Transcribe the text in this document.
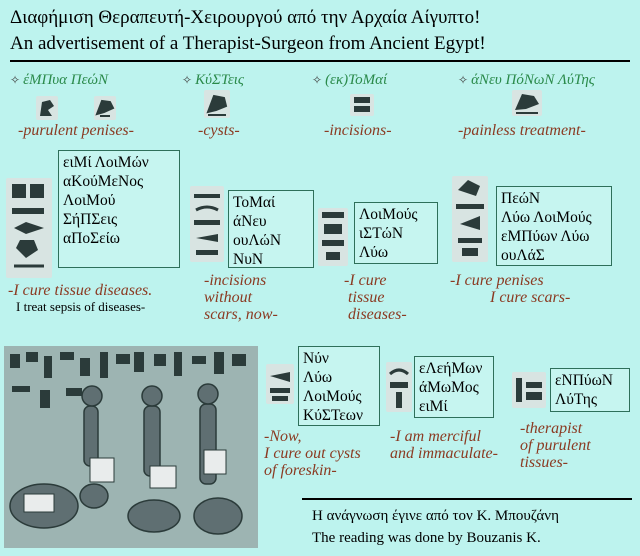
Διαφήμιση Θεραπευτή-Χειρουργού από την Αρχαία Αίγυπτο!
An advertisement of a Therapist-Surgeon from Ancient Egypt!
✧ έΜΠυα ΠεώΝ	✧ ΚύΣΤεις	✧ (εκ)ΤοΜαί	✧ άΝευ ΠόΝωΝ ΛύΤης
-purulent penises-	-cysts-	-incisions-	-painless treatment-
ειΜί ΛοιΜών
αΚούΜεΝος
ΛοιΜού
ΣήΠΣεις
αΠοΣείω
ΤοΜαί
άΝευ
ουΛώΝ
ΝυΝ
ΛοιΜούς
ιΣΤώΝ
Λύω
ΠεώΝ
Λύω ΛοιΜούς
εΜΠύων Λύω
ουΛάΣ
-I cure tissue diseases.
I treat sepsis of diseases-
-incisions
without
scars, now-
-I cure
tissue
diseases-
-I cure penises
I cure scars-
Νύν
Λύω
ΛοιΜούς
ΚύΣΤεων
εΛεήΜων
άΜωΜος
ειΜί
εΝΠύωΝ
ΛύΤης
-Now,
I cure out cysts
of foreskin-
-I am merciful
and immaculate-
-therapist
of purulent
tissues-
Η ανάγνωση έγινε από τον Κ. Μπουζάνη
The reading was done by Bouzanis K.
